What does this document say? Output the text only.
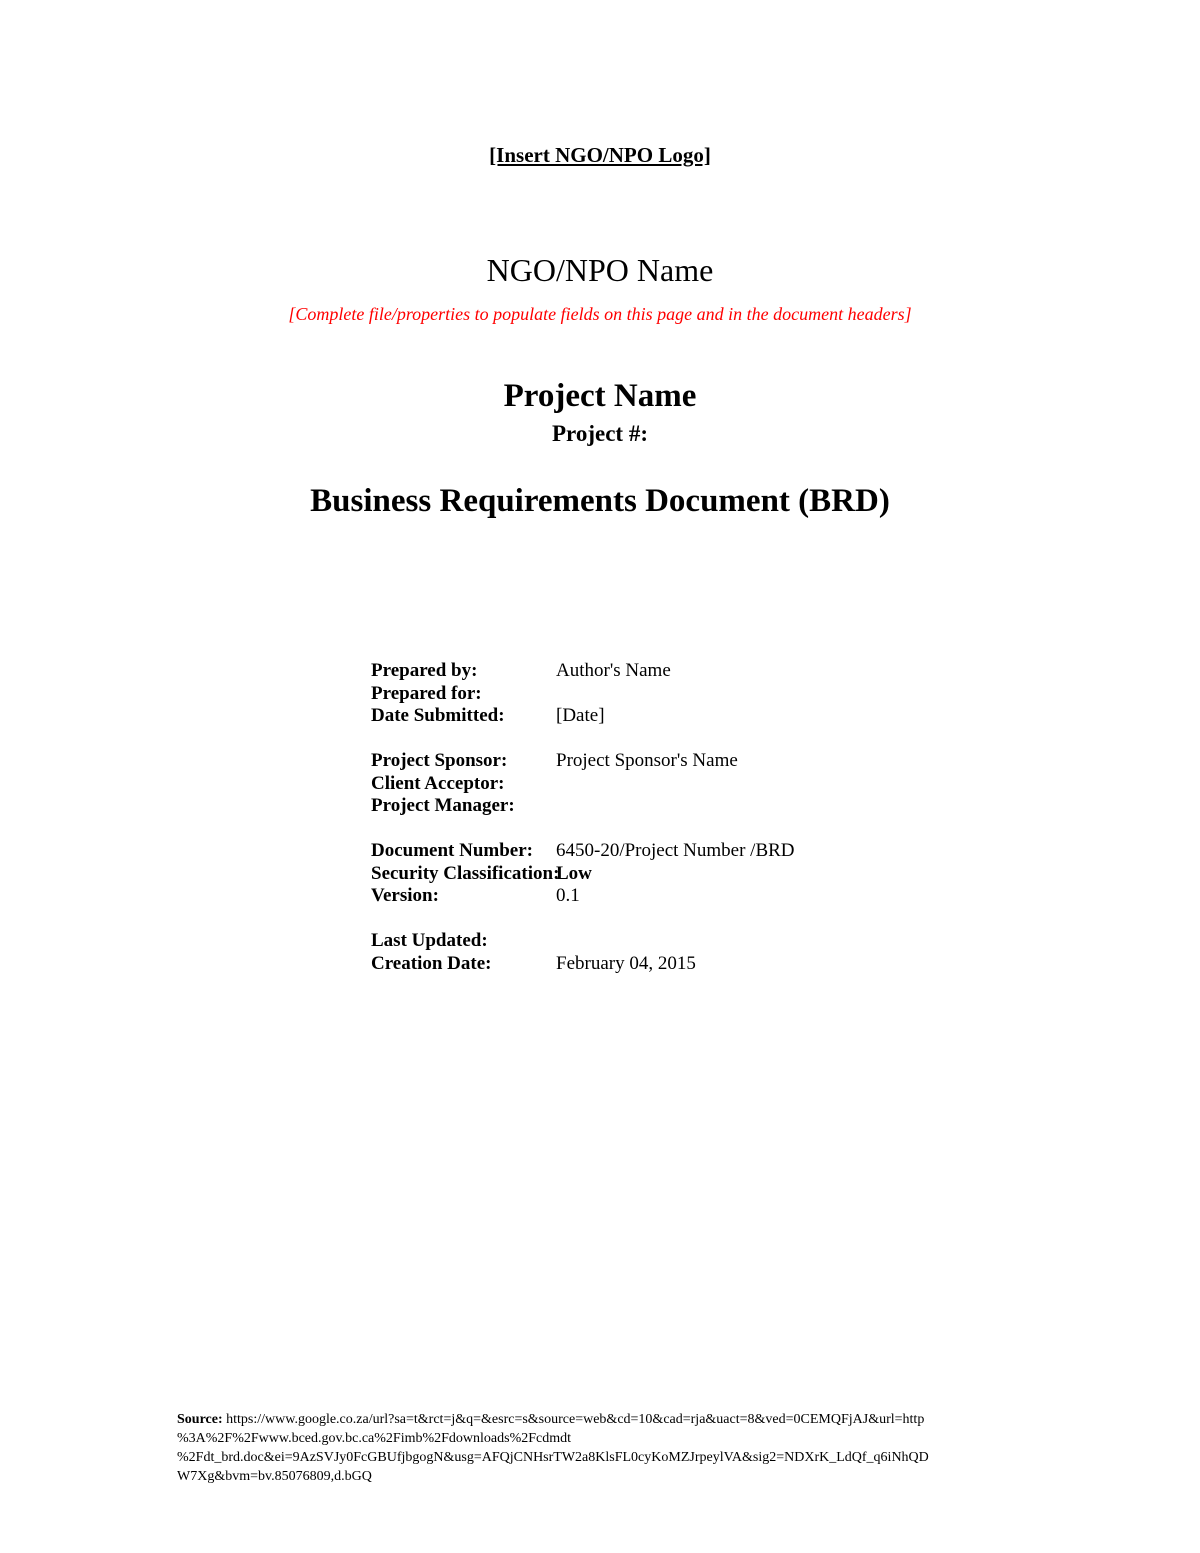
[Insert NGO/NPO Logo]
NGO/NPO Name
[Complete file/properties to populate fields on this page and in the document headers]
Project Name
Project #:
Business Requirements Document (BRD)
Prepared by:	Author's Name
Prepared for:
Date Submitted:	[Date]
Project Sponsor:	Project Sponsor's Name
Client Acceptor:
Project Manager:
Document Number: 6450-20/Project Number /BRD
Security Classification:
Low
Version:	0.1
Last Updated:
Creation Date:	February 04, 2015
Source: https://www.google.co.za/url?sa=t&rct=j&q=&esrc=s&source=web&cd=10&cad=rja&uact=8&ved=0CEMQFjAJ&url=http
%3A%2F%2Fwww.bced.gov.bc.ca%2Fimb%2Fdownloads%2Fcdmdt
%2Fdt_brd.doc&ei=9AzSVJy0FcGBUfjbgogN&usg=AFQjCNHsrTW2a8KlsFL0cyKoMZJrpeylVA&sig2=NDXrK_LdQf_q6iNhQD
W7Xg&bvm=bv.85076809,d.bGQ
